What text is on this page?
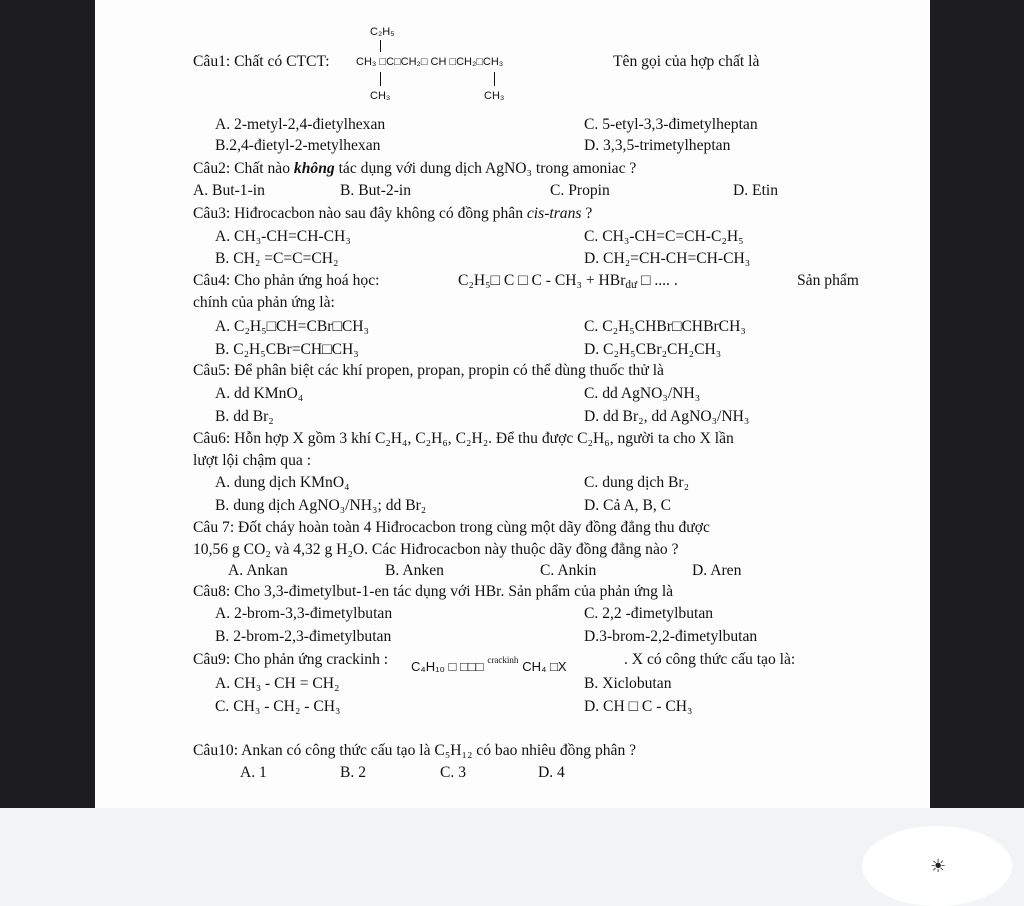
☀
Câu1: Chất có CTCT:
C₂H₅
CH₃ □C□CH₂□ CH □CH₂□CH₃
CH₃	CH₃
Tên gọi của hợp chất là
A. 2-metyl-2,4-đietylhexan	C. 5-etyl-3,3-đimetylheptan
B.2,4-đietyl-2-metylhexan	D. 3,3,5-trimetylheptan
Câu2: Chất nào không tác dụng với dung dịch AgNO₃ trong amoniac ?
A. But-1-in	B. But-2-in	C. Propin	D. Etin
Câu3: Hiđrocacbon nào sau đây không có đồng phân cis-trans ?
A. CH₃-CH=CH-CH₃	C. CH₃-CH=C=CH-C₂H₅
B. CH₂ =C=C=CH₂	D. CH₂=CH-CH=CH-CH₃
Câu4: Cho phản ứng hoá học:	C₂H₅□ C □ C - CH₃ + HBr$_{dư}$ □ .... .	Sản phẩm
chính của phản ứng là:
A. C₂H₅□CH=CBr□CH₃	C. C₂H₅CHBr□CHBrCH₃
B. C₂H₅CBr=CH□CH₃	D. C₂H₅CBr₂CH₂CH₃
Câu5: Để phân biệt các khí propen, propan, propin có thể dùng thuốc thử là
A. dd KMnO₄	C. dd AgNO₃/NH₃
B. dd Br₂	D. dd Br₂, dd AgNO₃/NH₃
Câu6: Hỗn hợp X gồm 3 khí C₂H₄, C₂H₆, C₂H₂. Để thu được C₂H₆, người ta cho X lần
lượt lội chậm qua :
A. dung dịch KMnO₄	C. dung dịch Br₂
B. dung dịch AgNO₃/NH₃; dd Br₂	D. Cả A, B, C
Câu 7: Đốt cháy hoàn toàn 4 Hiđrocacbon trong cùng một dãy đồng đẳng thu được
10,56 g CO₂ và 4,32 g H₂O. Các Hiđrocacbon này thuộc dãy đồng đẳng nào ?
A. Ankan	B. Anken	C. Ankin	D. Aren
Câu8: Cho 3,3-đimetylbut-1-en tác dụng với HBr. Sản phẩm của phản ứng là
A. 2-brom-3,3-đimetylbutan	C. 2,2 -đimetylbutan
B. 2-brom-2,3-đimetylbutan	D.3-brom-2,2-đimetylbutan
Câu9: Cho phản ứng crackinh : C₄H₁₀ □ □□□ $^{crackinh}$ CH₄ □X	. X có công thức cấu tạo là:
A. CH₃ - CH = CH₂	B. Xiclobutan
C. CH₃ - CH₂ - CH₃	D. CH □ C - CH₃
Câu10: Ankan có công thức cấu tạo là C₅H₁₂ có bao nhiêu đồng phân ?
A. 1	B. 2	C. 3	D. 4
